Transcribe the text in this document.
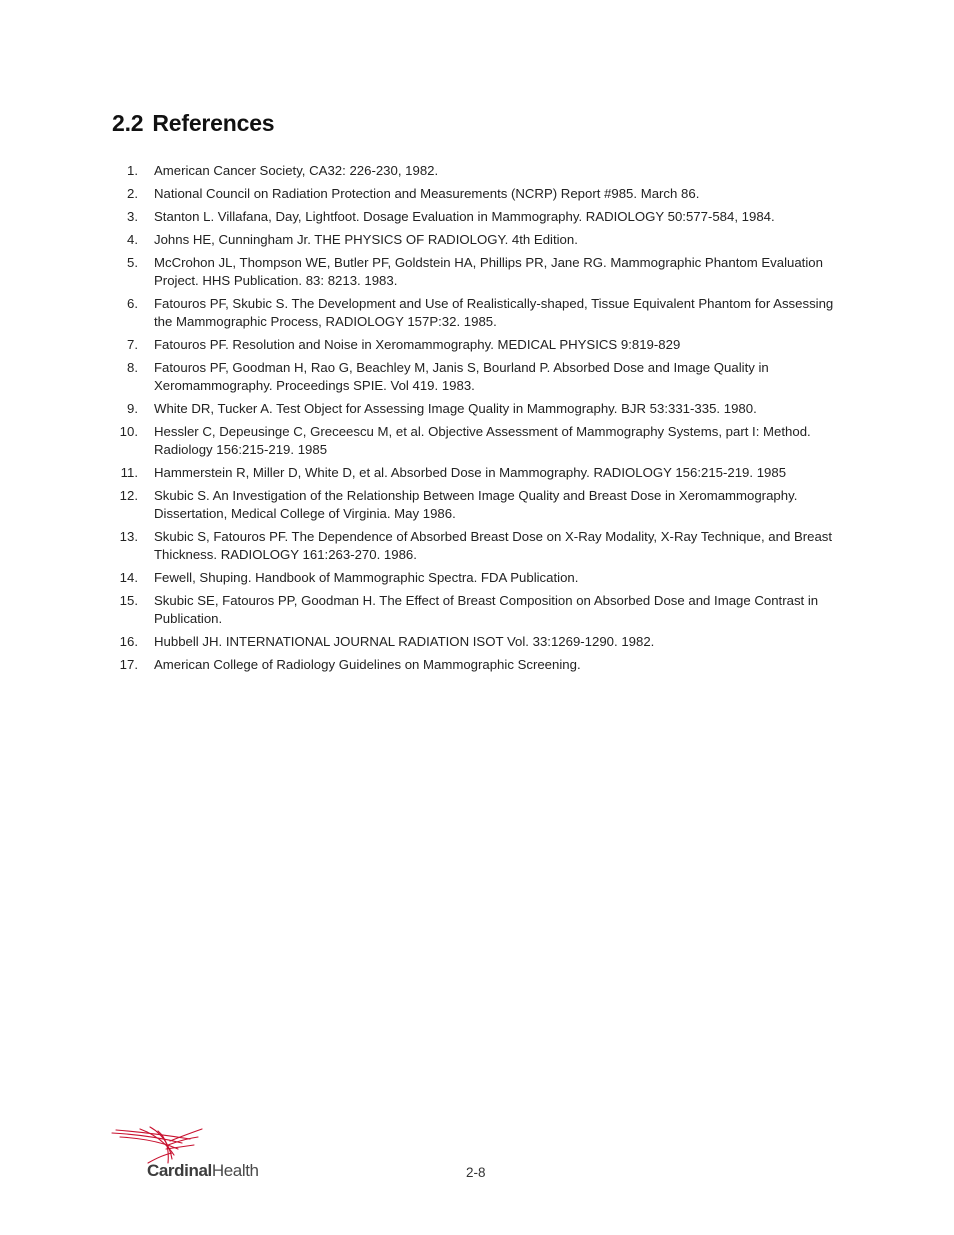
2.2 References
1. American Cancer Society, CA32: 226-230, 1982.
2. National Council on Radiation Protection and Measurements (NCRP) Report #985. March 86.
3. Stanton L. Villafana, Day, Lightfoot. Dosage Evaluation in Mammography. RADIOLOGY 50:577-584, 1984.
4. Johns HE, Cunningham Jr. THE PHYSICS OF RADIOLOGY. 4th Edition.
5. McCrohon JL, Thompson WE, Butler PF, Goldstein HA, Phillips PR, Jane RG. Mammographic Phantom Evaluation Project. HHS Publication. 83: 8213. 1983.
6. Fatouros PF, Skubic S. The Development and Use of Realistically-shaped, Tissue Equivalent Phantom for Assessing the Mammographic Process, RADIOLOGY 157P:32. 1985.
7. Fatouros PF. Resolution and Noise in Xeromammography. MEDICAL PHYSICS 9:819-829
8. Fatouros PF, Goodman H, Rao G, Beachley M, Janis S, Bourland P. Absorbed Dose and Image Quality in Xeromammography. Proceedings SPIE. Vol 419. 1983.
9. White DR, Tucker A. Test Object for Assessing Image Quality in Mammography. BJR 53:331-335. 1980.
10. Hessler C, Depeusinge C, Greceescu M, et al. Objective Assessment of Mammography Systems, part I: Method. Radiology 156:215-219. 1985
11. Hammerstein R, Miller D, White D, et al. Absorbed Dose in Mammography. RADIOLOGY 156:215-219. 1985
12. Skubic S. An Investigation of the Relationship Between Image Quality and Breast Dose in Xeromammography. Dissertation, Medical College of Virginia. May 1986.
13. Skubic S, Fatouros PF. The Dependence of Absorbed Breast Dose on X-Ray Modality, X-Ray Technique, and Breast Thickness. RADIOLOGY 161:263-270. 1986.
14. Fewell, Shuping. Handbook of Mammographic Spectra. FDA Publication.
15. Skubic SE, Fatouros PP, Goodman H. The Effect of Breast Composition on Absorbed Dose and Image Contrast in Publication.
16. Hubbell JH. INTERNATIONAL JOURNAL RADIATION ISOT Vol. 33:1269-1290. 1982.
17. American College of Radiology Guidelines on Mammographic Screening.
CardinalHealth	2-8
